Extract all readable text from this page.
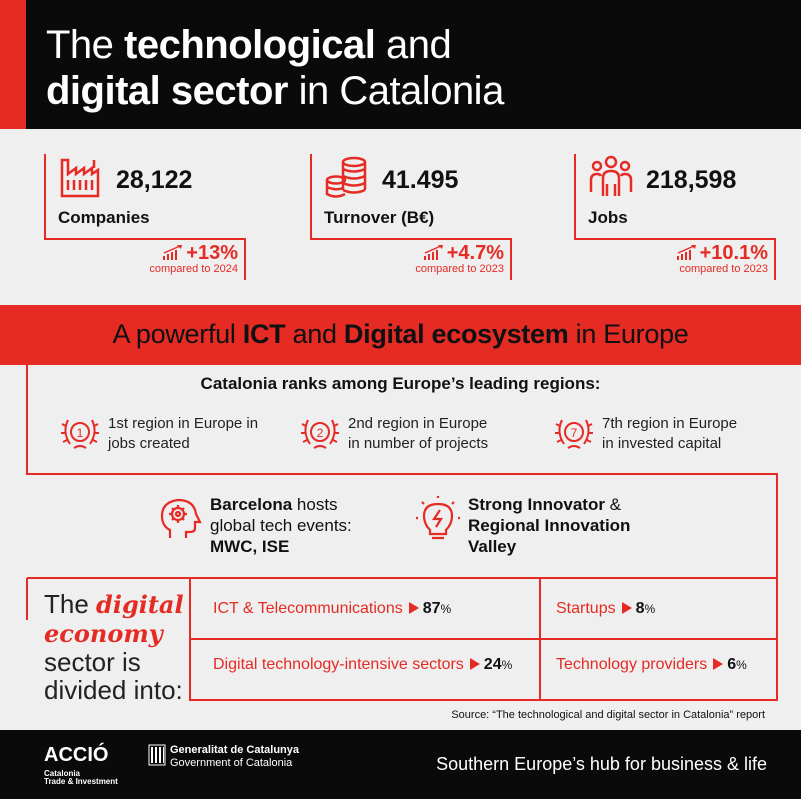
The technological and
digital sector in Catalonia
28,122
Companies
+13%
compared to 2024
41.495
Turnover (B€)
+4.7%
compared to 2023
218,598
Jobs
+10.1%
compared to 2023
A powerful ICT and Digital ecosystem in Europe
Catalonia ranks among Europe’s leading regions:
1
1st region in Europe in
jobs created
2
2nd region in Europe
in number of projects
7
7th region in Europe
in invested capital
Barcelona hosts
global tech events:
MWC, ISE
Strong Innovator &
Regional Innovation
Valley
The digital
economy
sector is
divided into:
ICT & Telecommunications 87%	Startups 8%
Digital technology-intensive sectors 24%	Technology providers 6%
Source: “The technological and digital sector in Catalonia” report
ACCIÓ
Catalonia
Trade & Investment
Generalitat de Catalunya
Government of Catalonia	Southern Europe’s hub for business & life
